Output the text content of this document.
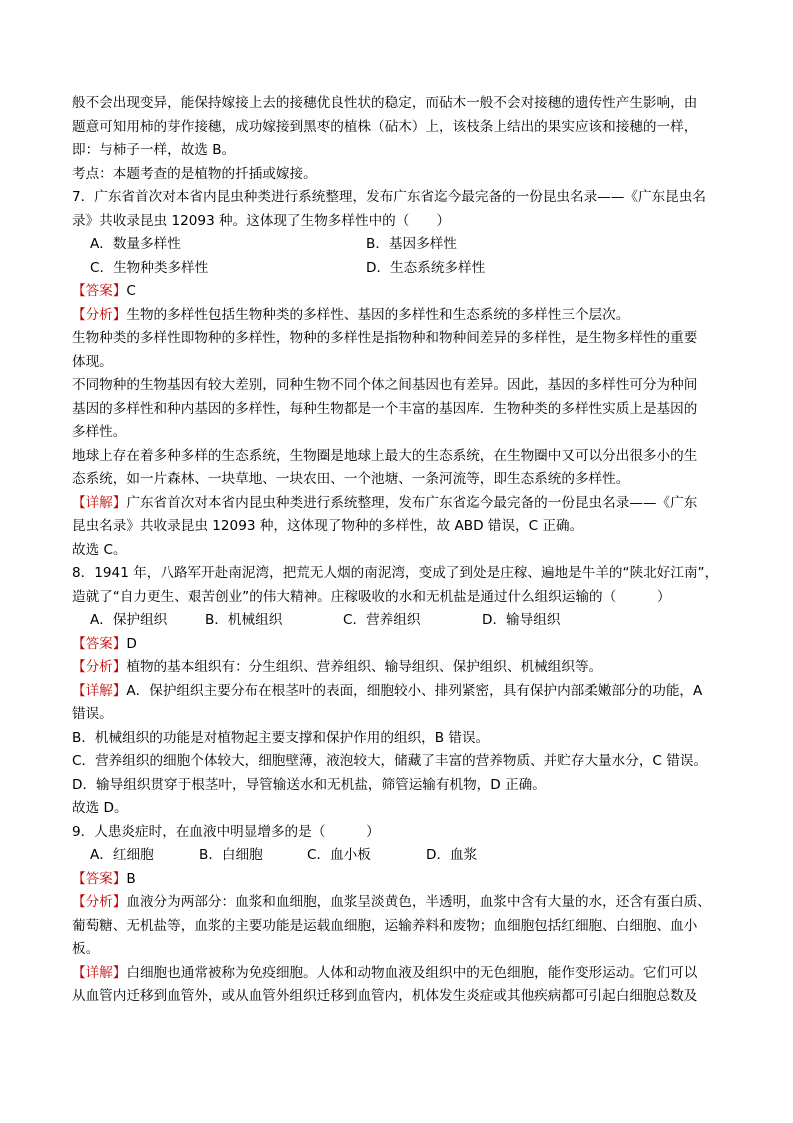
般不会出现变异，能保持嫁接上去的接穗优良性状的稳定，而砧木一般不会对接穗的遗传性产生影响，由
题意可知用柿的芽作接穗，成功嫁接到黑枣的植株（砧木）上，该枝条上结出的果实应该和接穗的一样，
即：与柿子一样，故选 B。
考点：本题考查的是植物的扦插或嫁接。
7．广东省首次对本省内昆虫种类进行系统整理，发布广东省迄今最完备的一份昆虫名录——《广东昆虫名
录》共收录昆虫 12093 种。这体现了生物多样性中的（　　）
A．数量多样性	B．基因多样性
C．生物种类多样性	D．生态系统多样性
【答案】C
【分析】生物的多样性包括生物种类的多样性、基因的多样性和生态系统的多样性三个层次。
生物种类的多样性即物种的多样性，物种的多样性是指物种和物种间差异的多样性，是生物多样性的重要
体现。
不同物种的生物基因有较大差别，同种生物不同个体之间基因也有差异。因此，基因的多样性可分为种间
基因的多样性和种内基因的多样性，每种生物都是一个丰富的基因库．生物种类的多样性实质上是基因的
多样性。
地球上存在着多种多样的生态系统，生物圈是地球上最大的生态系统，在生物圈中又可以分出很多小的生
态系统，如一片森林、一块草地、一块农田、一个池塘、一条河流等，即生态系统的多样性。
【详解】广东省首次对本省内昆虫种类进行系统整理，发布广东省迄今最完备的一份昆虫名录——《广东
昆虫名录》共收录昆虫 12093 种，这体现了物种的多样性，故 ABD 错误，C 正确。
故选 C。
8．1941 年，八路军开赴南泥湾，把荒无人烟的南泥湾，变成了到处是庄稼、遍地是牛羊的“陕北好江南”，
造就了“自力更生、艰苦创业”的伟大精神。庄稼吸收的水和无机盐是通过什么组织运输的（　　　）
A．保护组织	B．机械组织	C．营养组织	D．输导组织
【答案】D
【分析】植物的基本组织有：分生组织、营养组织、输导组织、保护组织、机械组织等。
【详解】A．保护组织主要分布在根茎叶的表面，细胞较小、排列紧密，具有保护内部柔嫩部分的功能，A
错误。
B．机械组织的功能是对植物起主要支撑和保护作用的组织，B 错误。
C．营养组织的细胞个体较大，细胞壁薄，液泡较大，储藏了丰富的营养物质、并贮存大量水分，C 错误。
D．输导组织贯穿于根茎叶，导管输送水和无机盐，筛管运输有机物，D 正确。
故选 D。
9．人患炎症时，在血液中明显增多的是（　　　）
A．红细胞	B．白细胞	C．血小板	D．血浆
【答案】B
【分析】血液分为两部分：血浆和血细胞，血浆呈淡黄色，半透明，血浆中含有大量的水，还含有蛋白质、
葡萄糖、无机盐等，血浆的主要功能是运载血细胞，运输养料和废物；血细胞包括红细胞、白细胞、血小
板。
【详解】白细胞也通常被称为免疫细胞。人体和动物血液及组织中的无色细胞，能作变形运动。它们可以
从血管内迁移到血管外，或从血管外组织迁移到血管内，机体发生炎症或其他疾病都可引起白细胞总数及
